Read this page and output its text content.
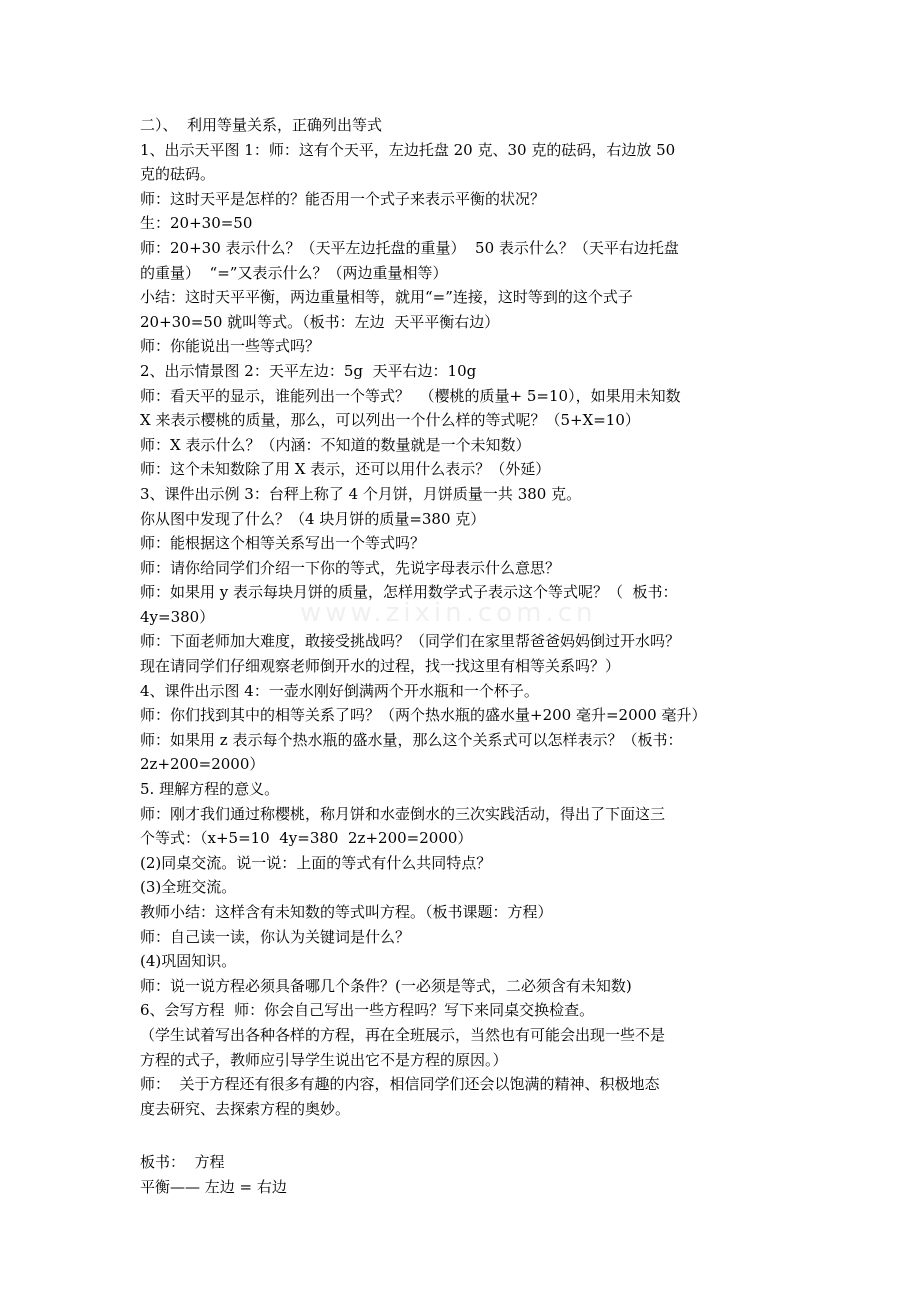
www.zixin.com.cn
二）、  利用等量关系，正确列出等式
1、出示天平图 1：师：这有个天平，左边托盘 20 克、30 克的砝码，右边放 50
克的砝码。
师：这时天平是怎样的？能否用一个式子来表示平衡的状况？
生：20+30=50
师：20+30 表示什么？（天平左边托盘的重量）  50 表示什么？（天平右边托盘
的重量）  “=”又表示什么？（两边重量相等）
小结：这时天平平衡，两边重量相等，就用“=”连接，这时等到的这个式子
20+30=50 就叫等式。（板书：左边  天平平衡右边）
师：你能说出一些等式吗？
2、出示情景图 2：天平左边：5g  天平右边：10g
师：看天平的显示，谁能列出一个等式？  （樱桃的质量+ 5=10），如果用未知数
X 来表示樱桃的质量，那么，可以列出一个什么样的等式呢？（5+X=10）
师：X 表示什么？（内涵：不知道的数量就是一个未知数）
师：这个未知数除了用 X 表示，还可以用什么表示？（外延）
3、课件出示例 3：台秤上称了 4 个月饼，月饼质量一共 380 克。
你从图中发现了什么？（4 块月饼的质量=380 克）
师：能根据这个相等关系写出一个等式吗？
师：请你给同学们介绍一下你的等式，先说字母表示什么意思？
师：如果用 y 表示每块月饼的质量，怎样用数学式子表示这个等式呢？（  板书：
4y=380）
师：下面老师加大难度，敢接受挑战吗？（同学们在家里帮爸爸妈妈倒过开水吗？
现在请同学们仔细观察老师倒开水的过程，找一找这里有相等关系吗？）
4、课件出示图 4：一壶水刚好倒满两个开水瓶和一个杯子。
师：你们找到其中的相等关系了吗？（两个热水瓶的盛水量+200 毫升=2000 毫升）
师：如果用 z 表示每个热水瓶的盛水量，那么这个关系式可以怎样表示？（板书：
2z+200=2000）
5. 理解方程的意义。
师：刚才我们通过称樱桃，称月饼和水壶倒水的三次实践活动，得出了下面这三
个等式：（x+5=10  4y=380  2z+200=2000）
(2)同桌交流。说一说：上面的等式有什么共同特点？
(3)全班交流。
教师小结：这样含有未知数的等式叫方程。（板书课题：方程）
师：自己读一读，你认为关键词是什么？
(4)巩固知识。
师：说一说方程必须具备哪几个条件？(一必须是等式，二必须含有未知数)
6、会写方程  师：你会自己写出一些方程吗？写下来同桌交换检查。
（学生试着写出各种各样的方程，再在全班展示，当然也有可能会出现一些不是
方程的式子，教师应引导学生说出它不是方程的原因。）
师：  关于方程还有很多有趣的内容，相信同学们还会以饱满的精神、积极地态
度去研究、去探索方程的奥妙。
板书：  方程
平衡—— 左边 = 右边
